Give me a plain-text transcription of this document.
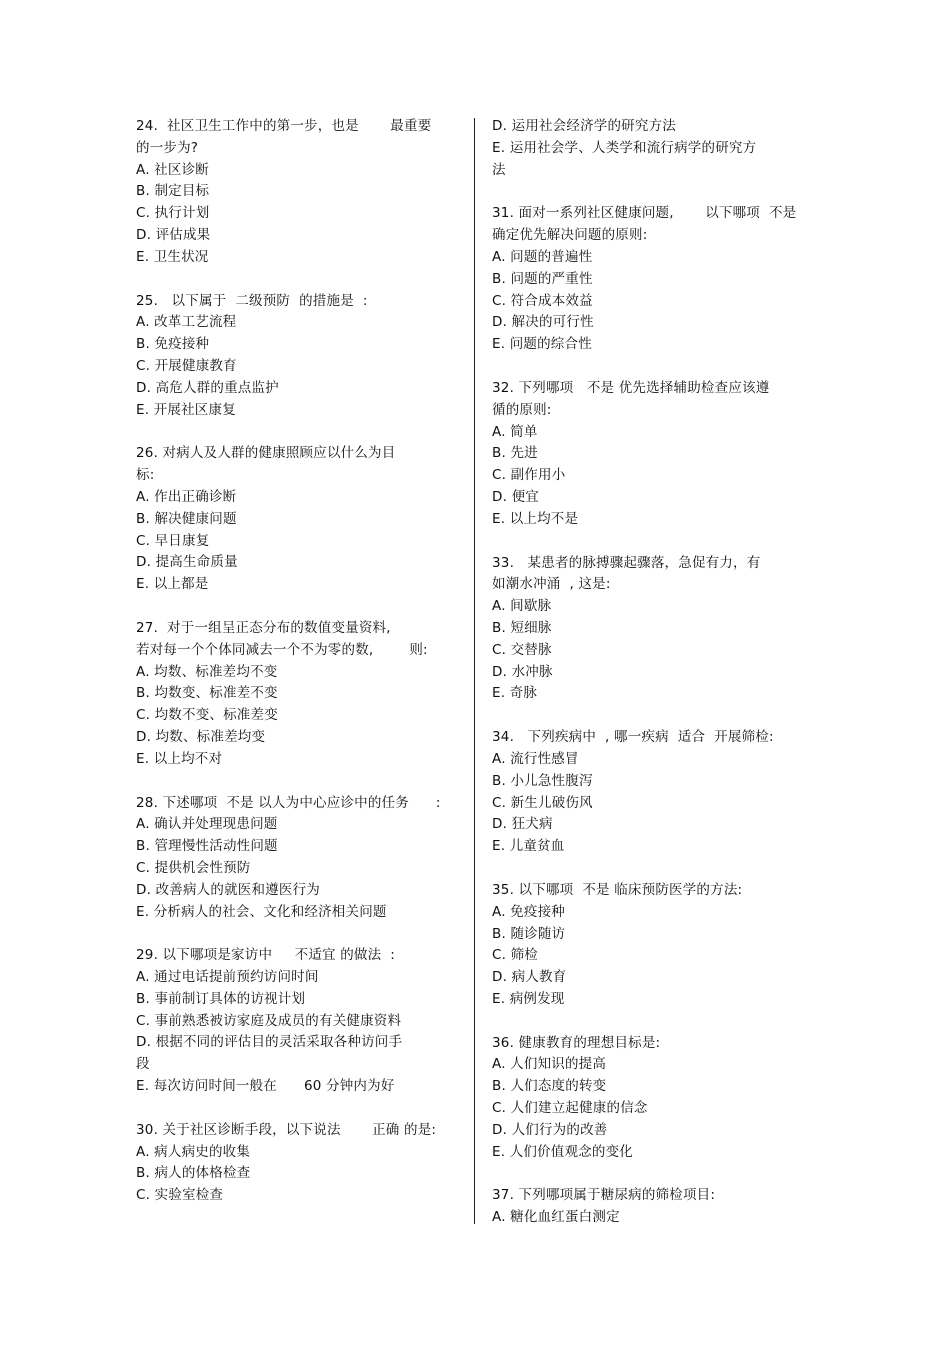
24.  社区卫生工作中的第一步，也是       最重要
的一步为?
A. 社区诊断
B. 制定目标
C. 执行计划
D. 评估成果
E. 卫生状况
25.   以下属于  二级预防  的措施是  :
A. 改革工艺流程
B. 免疫接种
C. 开展健康教育
D. 高危人群的重点监护
E. 开展社区康复
26. 对病人及人群的健康照顾应以什么为目
标:
A. 作出正确诊断
B. 解决健康问题
C. 早日康复
D. 提高生命质量
E. 以上都是
27.  对于一组呈正态分布的数值变量资料,
若对每一个个体同减去一个不为零的数,        则:
A. 均数、标准差均不变
B. 均数变、标准差不变
C. 均数不变、标准差变
D. 均数、标准差均变
E. 以上均不对
28. 下述哪项  不是 以人为中心应诊中的任务      :
A. 确认并处理现患问题
B. 管理慢性活动性问题
C. 提供机会性预防
D. 改善病人的就医和遵医行为
E. 分析病人的社会、文化和经济相关问题
29. 以下哪项是家访中     不适宜 的做法  :
A. 通过电话提前预约访问时间
B. 事前制订具体的访视计划
C. 事前熟悉被访家庭及成员的有关健康资料
D. 根据不同的评估目的灵活采取各种访问手
段
E. 每次访问时间一般在      60 分钟内为好
30. 关于社区诊断手段，以下说法       正确 的是:
A. 病人病史的收集
B. 病人的体格检查
C. 实验室检查
D. 运用社会经济学的研究方法
E. 运用社会学、人类学和流行病学的研究方
法
31. 面对一系列社区健康问题,       以下哪项  不是
确定优先解决问题的原则:
A. 问题的普遍性
B. 问题的严重性
C. 符合成本效益
D. 解决的可行性
E. 问题的综合性
32. 下列哪项   不是 优先选择辅助检查应该遵
循的原则:
A. 简单
B. 先进
C. 副作用小
D. 便宜
E. 以上均不是
33.   某患者的脉搏骤起骤落，急促有力，有
如潮水冲涌  , 这是:
A. 间歇脉
B. 短细脉
C. 交替脉
D. 水冲脉
E. 奇脉
34.   下列疾病中  , 哪一疾病  适合  开展筛检:
A. 流行性感冒
B. 小儿急性腹泻
C. 新生儿破伤风
D. 狂犬病
E. 儿童贫血
35. 以下哪项  不是 临床预防医学的方法:
A. 免疫接种
B. 随诊随访
C. 筛检
D. 病人教育
E. 病例发现
36. 健康教育的理想目标是:
A. 人们知识的提高
B. 人们态度的转变
C. 人们建立起健康的信念
D. 人们行为的改善
E. 人们价值观念的变化
37. 下列哪项属于糖尿病的筛检项目:
A. 糖化血红蛋白测定
